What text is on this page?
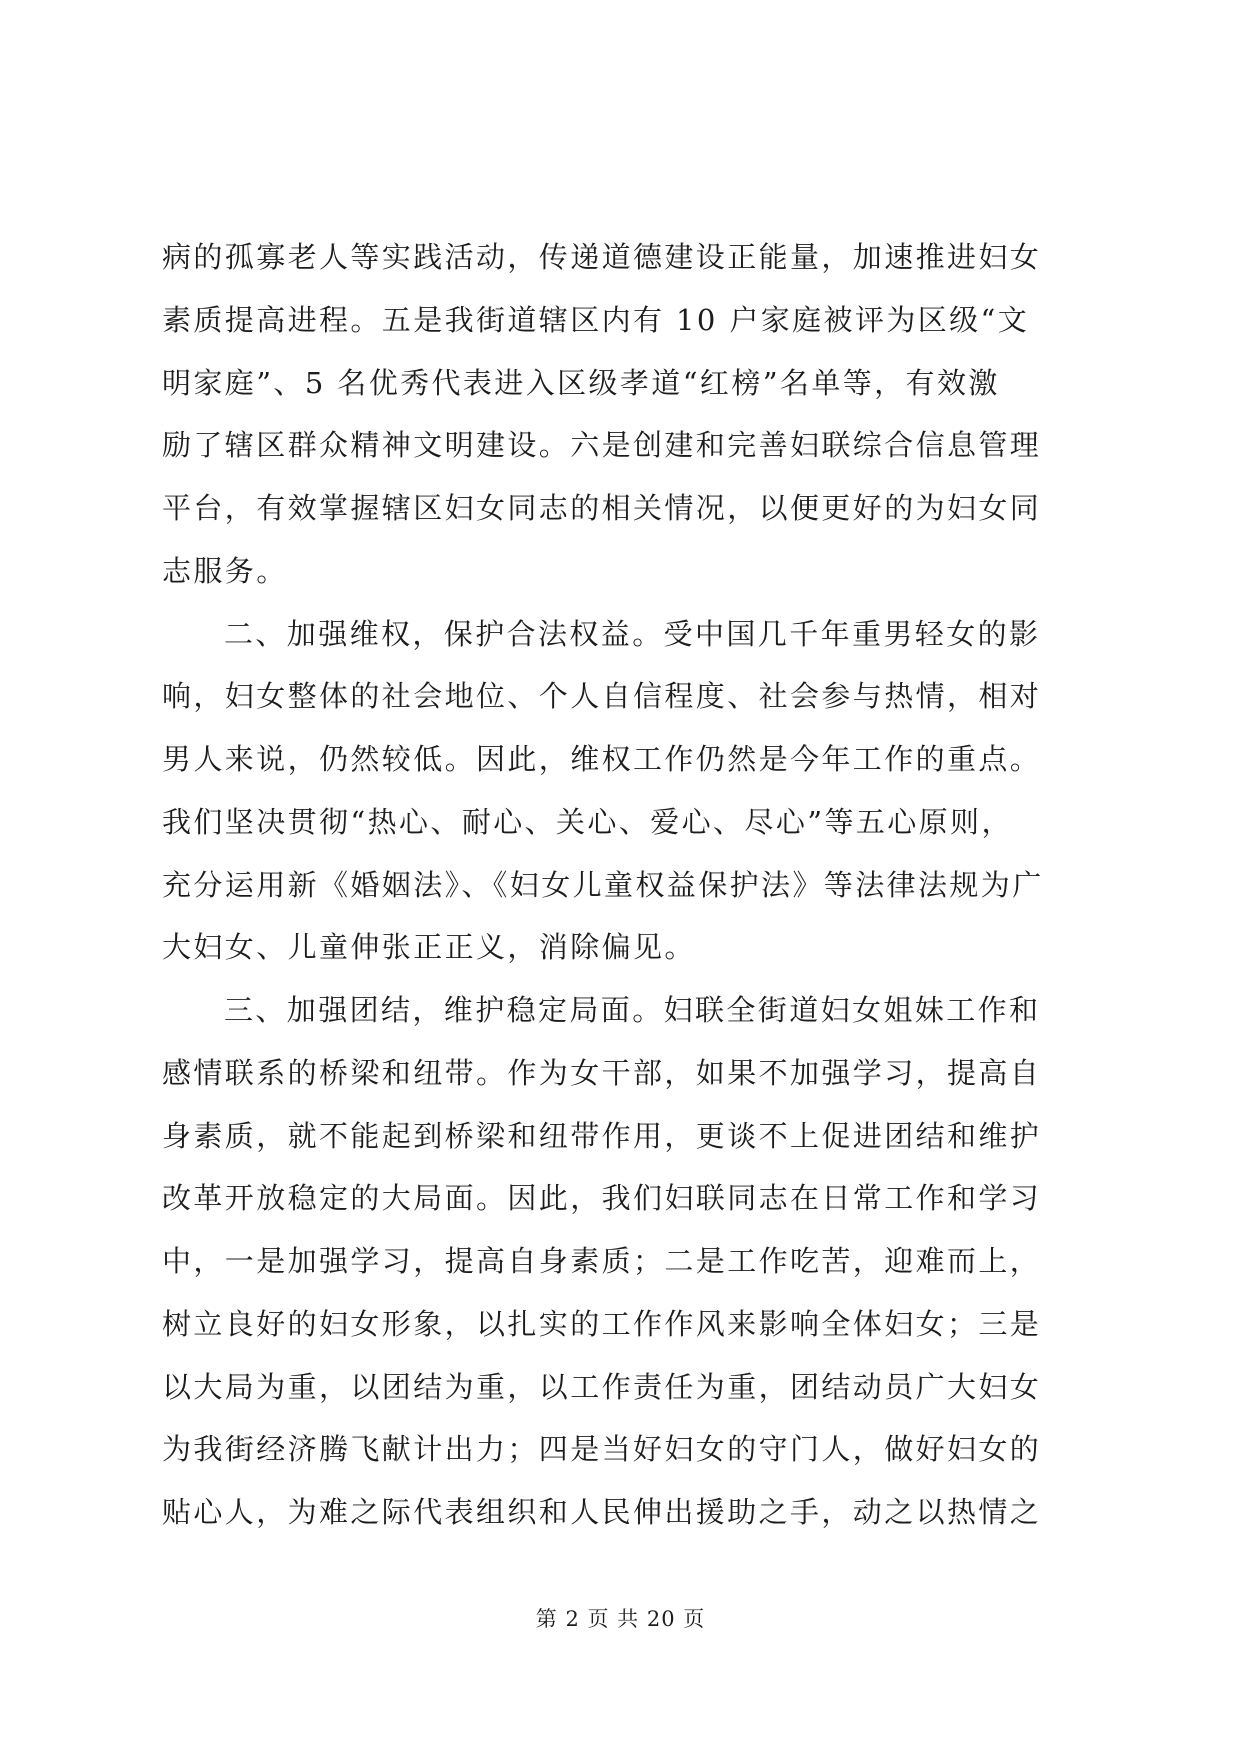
病的孤寡老人等实践活动，传递道德建设正能量，加速推进妇女
素质提高进程。五是我街道辖区内有 10 户家庭被评为区级“文
明家庭”、5 名优秀代表进入区级孝道“红榜”名单等，有效激
励了辖区群众精神文明建设。六是创建和完善妇联综合信息管理
平台，有效掌握辖区妇女同志的相关情况，以便更好的为妇女同
志服务。
二、加强维权，保护合法权益。受中国几千年重男轻女的影
响，妇女整体的社会地位、个人自信程度、社会参与热情，相对
男人来说，仍然较低。因此，维权工作仍然是今年工作的重点。
我们坚决贯彻“热心、耐心、关心、爱心、尽心”等五心原则，
充分运用新《婚姻法》、《妇女儿童权益保护法》等法律法规为广
大妇女、儿童伸张正正义，消除偏见。
三、加强团结，维护稳定局面。妇联全街道妇女姐妹工作和
感情联系的桥梁和纽带。作为女干部，如果不加强学习，提高自
身素质，就不能起到桥梁和纽带作用，更谈不上促进团结和维护
改革开放稳定的大局面。因此，我们妇联同志在日常工作和学习
中，一是加强学习，提高自身素质；二是工作吃苦，迎难而上，
树立良好的妇女形象，以扎实的工作作风来影响全体妇女；三是
以大局为重，以团结为重，以工作责任为重，团结动员广大妇女
为我街经济腾飞献计出力；四是当好妇女的守门人，做好妇女的
贴心人，为难之际代表组织和人民伸出援助之手，动之以热情之
第 2 页 共 20 页
